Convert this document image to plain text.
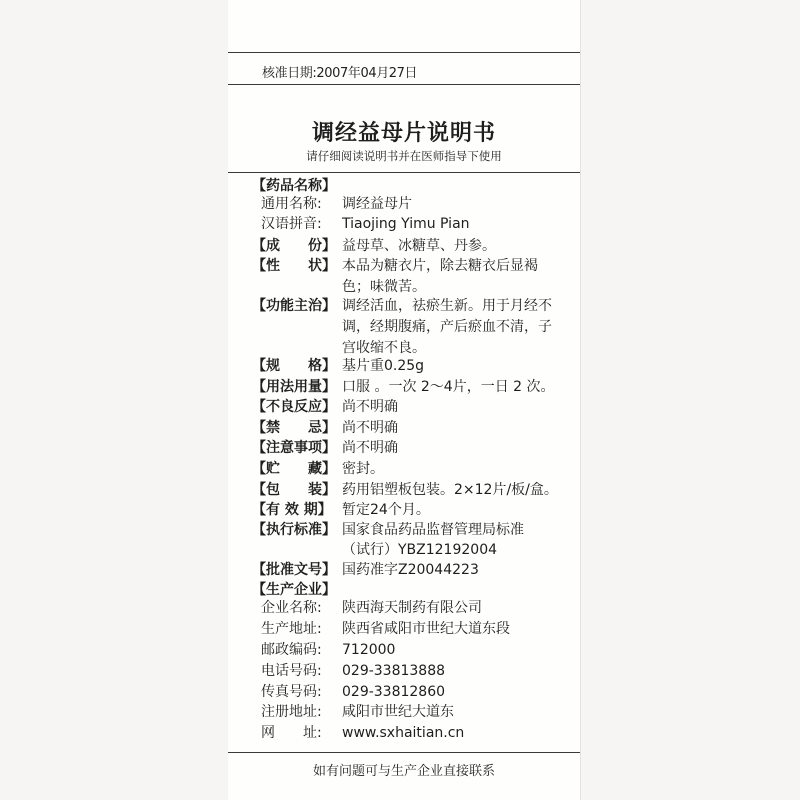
核准日期:2007年04月27日
调经益母片说明书
请仔细阅读说明书并在医师指导下使用
【药品名称】
通用名称: 调经益母片
汉语拼音: Tiaojing Yimu Pian
【成　　份】 益母草、冰糖草、丹参。
【性　　状】 本品为糖衣片，除去糖衣后显褐色；味微苦。
【功能主治】 调经活血，祛瘀生新。用于月经不调，经期腹痛，产后瘀血不清，子宫收缩不良。
【规　　格】 基片重0.25g
【用法用量】 口服 。一次 2～4片，一日 2 次。
【不良反应】 尚不明确
【禁　　忌】 尚不明确
【注意事项】 尚不明确
【贮　　藏】 密封。
【包　　装】 药用铝塑板包装。2×12片/板/盒。
【有 效 期】 暂定24个月。
【执行标准】 国家食品药品监督管理局标准
（试行）YBZ12192004
【批准文号】 国药准字Z20044223
【生产企业】
企业名称: 陕西海天制药有限公司
生产地址: 陕西省咸阳市世纪大道东段
邮政编码: 712000
电话号码: 029-33813888
传真号码: 029-33812860
注册地址: 咸阳市世纪大道东
网　　址: www.sxhaitian.cn
如有问题可与生产企业直接联系
